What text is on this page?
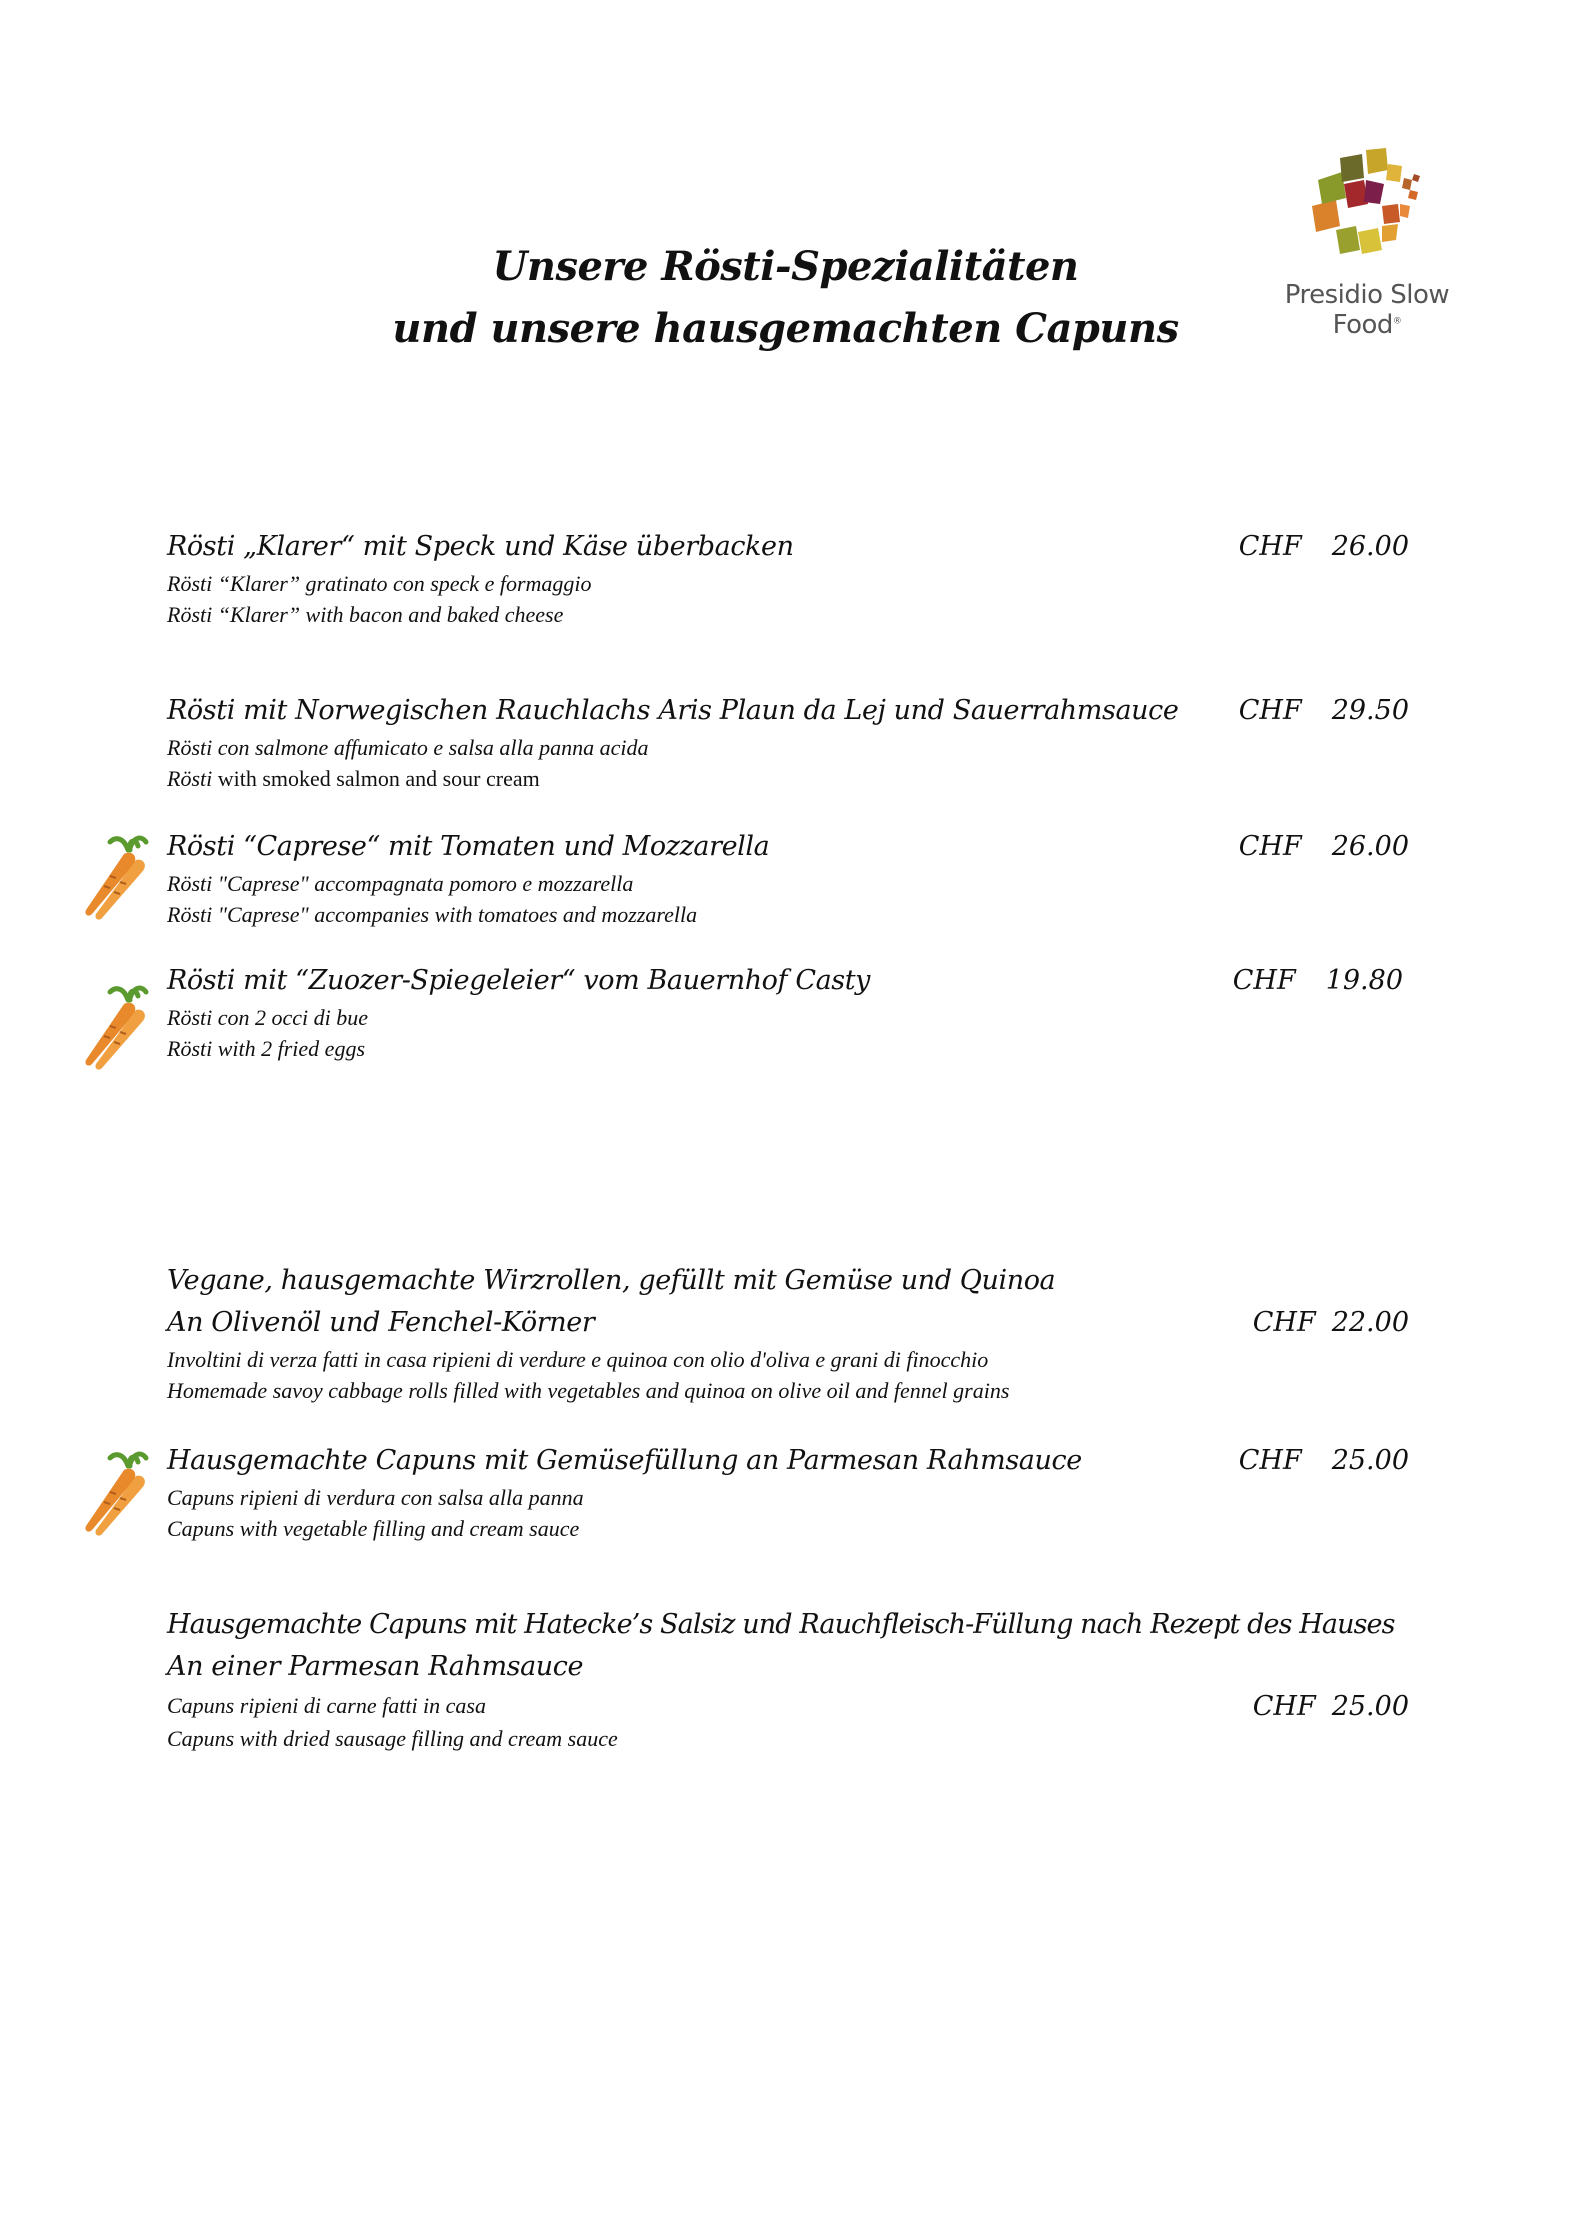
Unsere Rösti-Spezialitäten
und unsere hausgemachten Capuns
Presidio Slow Food®
Rösti „Klarer“ mit Speck und Käse überbacken
Rösti “Klarer” gratinato con speck e formaggio
Rösti “Klarer” with bacon and baked cheese
CHF 26.00
Rösti mit Norwegischen Rauchlachs Aris Plaun da Lej und Sauerrahmsauce
Rösti con salmone affumicato e salsa alla panna acida
Rösti with smoked salmon and sour cream
CHF 29.50
Rösti “Caprese“ mit Tomaten und Mozzarella
Rösti "Caprese" accompagnata pomoro e mozzarella
Rösti "Caprese" accompanies with tomatoes and mozzarella
CHF 26.00
Rösti mit “Zuozer-Spiegeleier“ vom Bauernhof Casty
Rösti con 2 occi di bue
Rösti with 2 fried eggs
CHF 19.80
Vegane, hausgemachte Wirzrollen, gefüllt mit Gemüse und Quinoa
An Olivenöl und Fenchel-Körner
Involtini di verza fatti in casa ripieni di verdure e quinoa con olio d'oliva e grani di finocchio
Homemade savoy cabbage rolls filled with vegetables and quinoa on olive oil and fennel grains
CHF 22.00
Hausgemachte Capuns mit Gemüsefüllung an Parmesan Rahmsauce
Capuns ripieni di verdura con salsa alla panna
Capuns with vegetable filling and cream sauce
CHF 25.00
Hausgemachte Capuns mit Hatecke’s Salsiz und Rauchfleisch-Füllung nach Rezept des Hauses
An einer Parmesan Rahmsauce
Capuns ripieni di carne fatti in casa
Capuns with dried sausage filling and cream sauce
CHF 25.00
